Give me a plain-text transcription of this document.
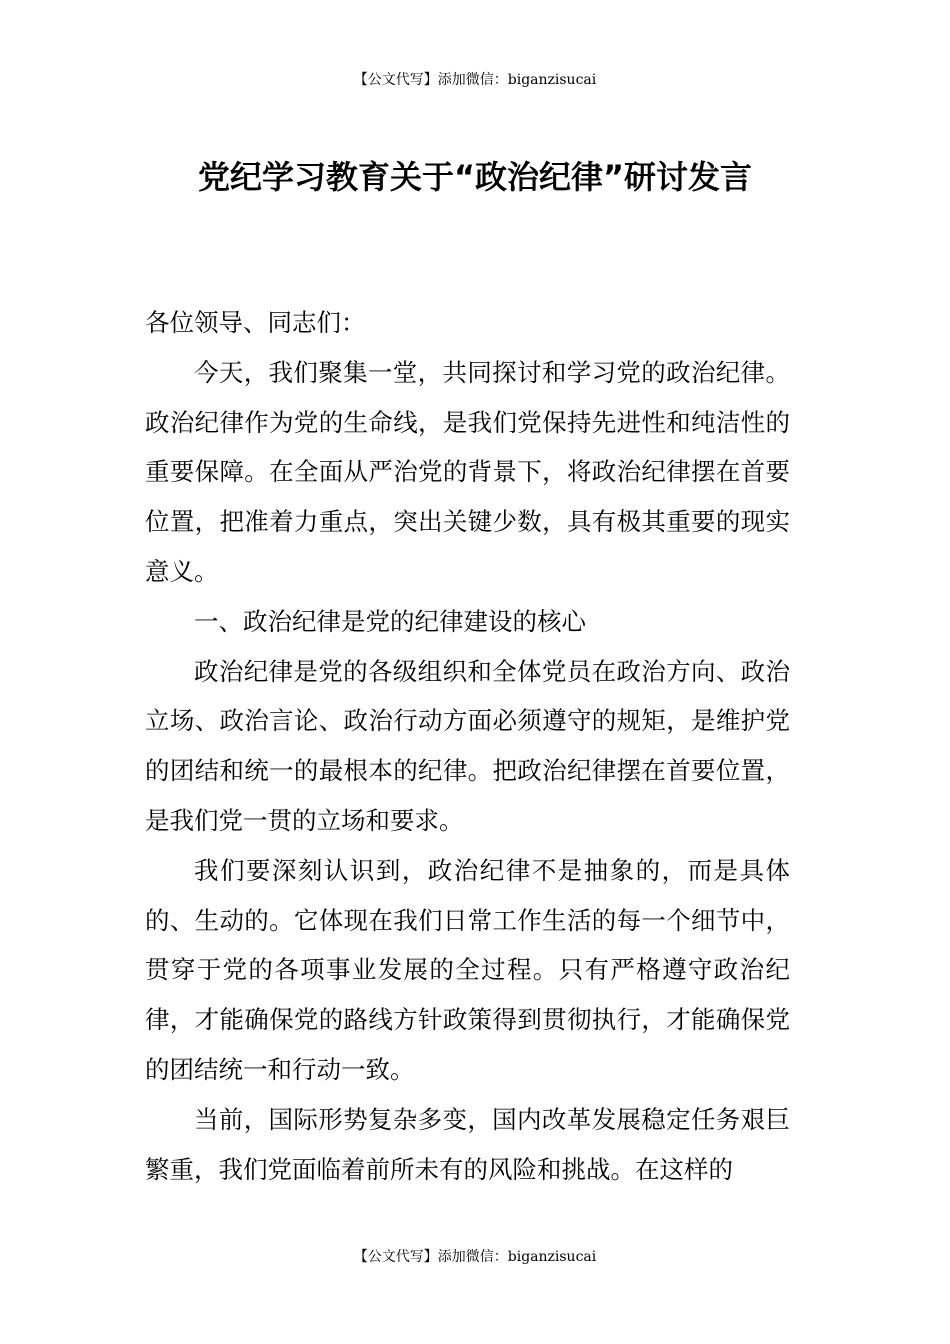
【公文代写】添加微信：biganzisucai
党纪学习教育关于“政治纪律”研讨发言

各位领导、同志们：

今天，我们聚集一堂，共同探讨和学习党的政治纪律。政治纪律作为党的生命线，是我们党保持先进性和纯洁性的重要保障。在全面从严治党的背景下，将政治纪律摆在首要位置，把准着力重点，突出关键少数，具有极其重要的现实意义。

一、政治纪律是党的纪律建设的核心

政治纪律是党的各级组织和全体党员在政治方向、政治立场、政治言论、政治行动方面必须遵守的规矩，是维护党的团结和统一的最根本的纪律。把政治纪律摆在首要位置，是我们党一贯的立场和要求。

我们要深刻认识到，政治纪律不是抽象的，而是具体的、生动的。它体现在我们日常工作生活的每一个细节中，贯穿于党的各项事业发展的全过程。只有严格遵守政治纪律，才能确保党的路线方针政策得到贯彻执行，才能确保党的团结统一和行动一致。

当前，国际形势复杂多变，国内改革发展稳定任务艰巨繁重，我们党面临着前所未有的风险和挑战。在这样的

【公文代写】添加微信：biganzisucai
